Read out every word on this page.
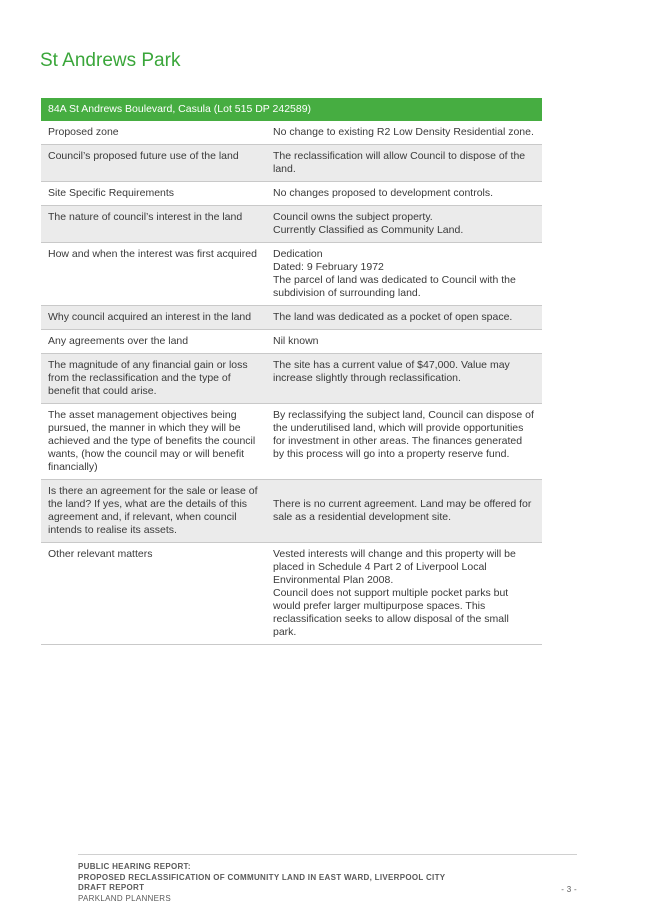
St Andrews Park
84A St Andrews Boulevard, Casula (Lot 515 DP 242589)	

Proposed zone	No change to existing R2 Low Density Residential zone.

Council’s proposed future use of the land	The reclassification will allow Council to dispose of the land.

Site Specific Requirements	No changes proposed to development controls.

The nature of council’s interest in the land	Council owns the subject property.
Currently Classified as Community Land.

How and when the interest was first acquired	Dedication
Dated: 9 February 1972
The parcel of land was dedicated to Council with the subdivision of surrounding land.

Why council acquired an interest in the land	The land was dedicated as a pocket of open space.

Any agreements over the land	Nil known

The magnitude of any financial gain or loss from the reclassification and the type of benefit that could arise.	The site has a current value of $47,000. Value may increase slightly through reclassification.

The asset management objectives being pursued, the manner in which they will be achieved and the type of benefits the council wants, (how the council may or will benefit financially)	By reclassifying the subject land, Council can dispose of the underutilised land, which will provide opportunities for investment in other areas. The finances generated by this process will go into a property reserve fund.

Is there an agreement for the sale or lease of the land? If yes, what are the details of this agreement and, if relevant, when council intends to realise its assets.	There is no current agreement. Land may be offered for sale as a residential development site.

Other relevant matters	Vested interests will change and this property will be placed in Schedule 4 Part 2 of Liverpool Local Environmental Plan 2008.
Council does not support multiple pocket parks but would prefer larger multipurpose spaces. This reclassification seeks to allow disposal of the small park.
PUBLIC HEARING REPORT:
PROPOSED RECLASSIFICATION OF COMMUNITY LAND IN EAST WARD, LIVERPOOL CITY
DRAFT REPORT
PARKLAND PLANNERS
- 3 -
